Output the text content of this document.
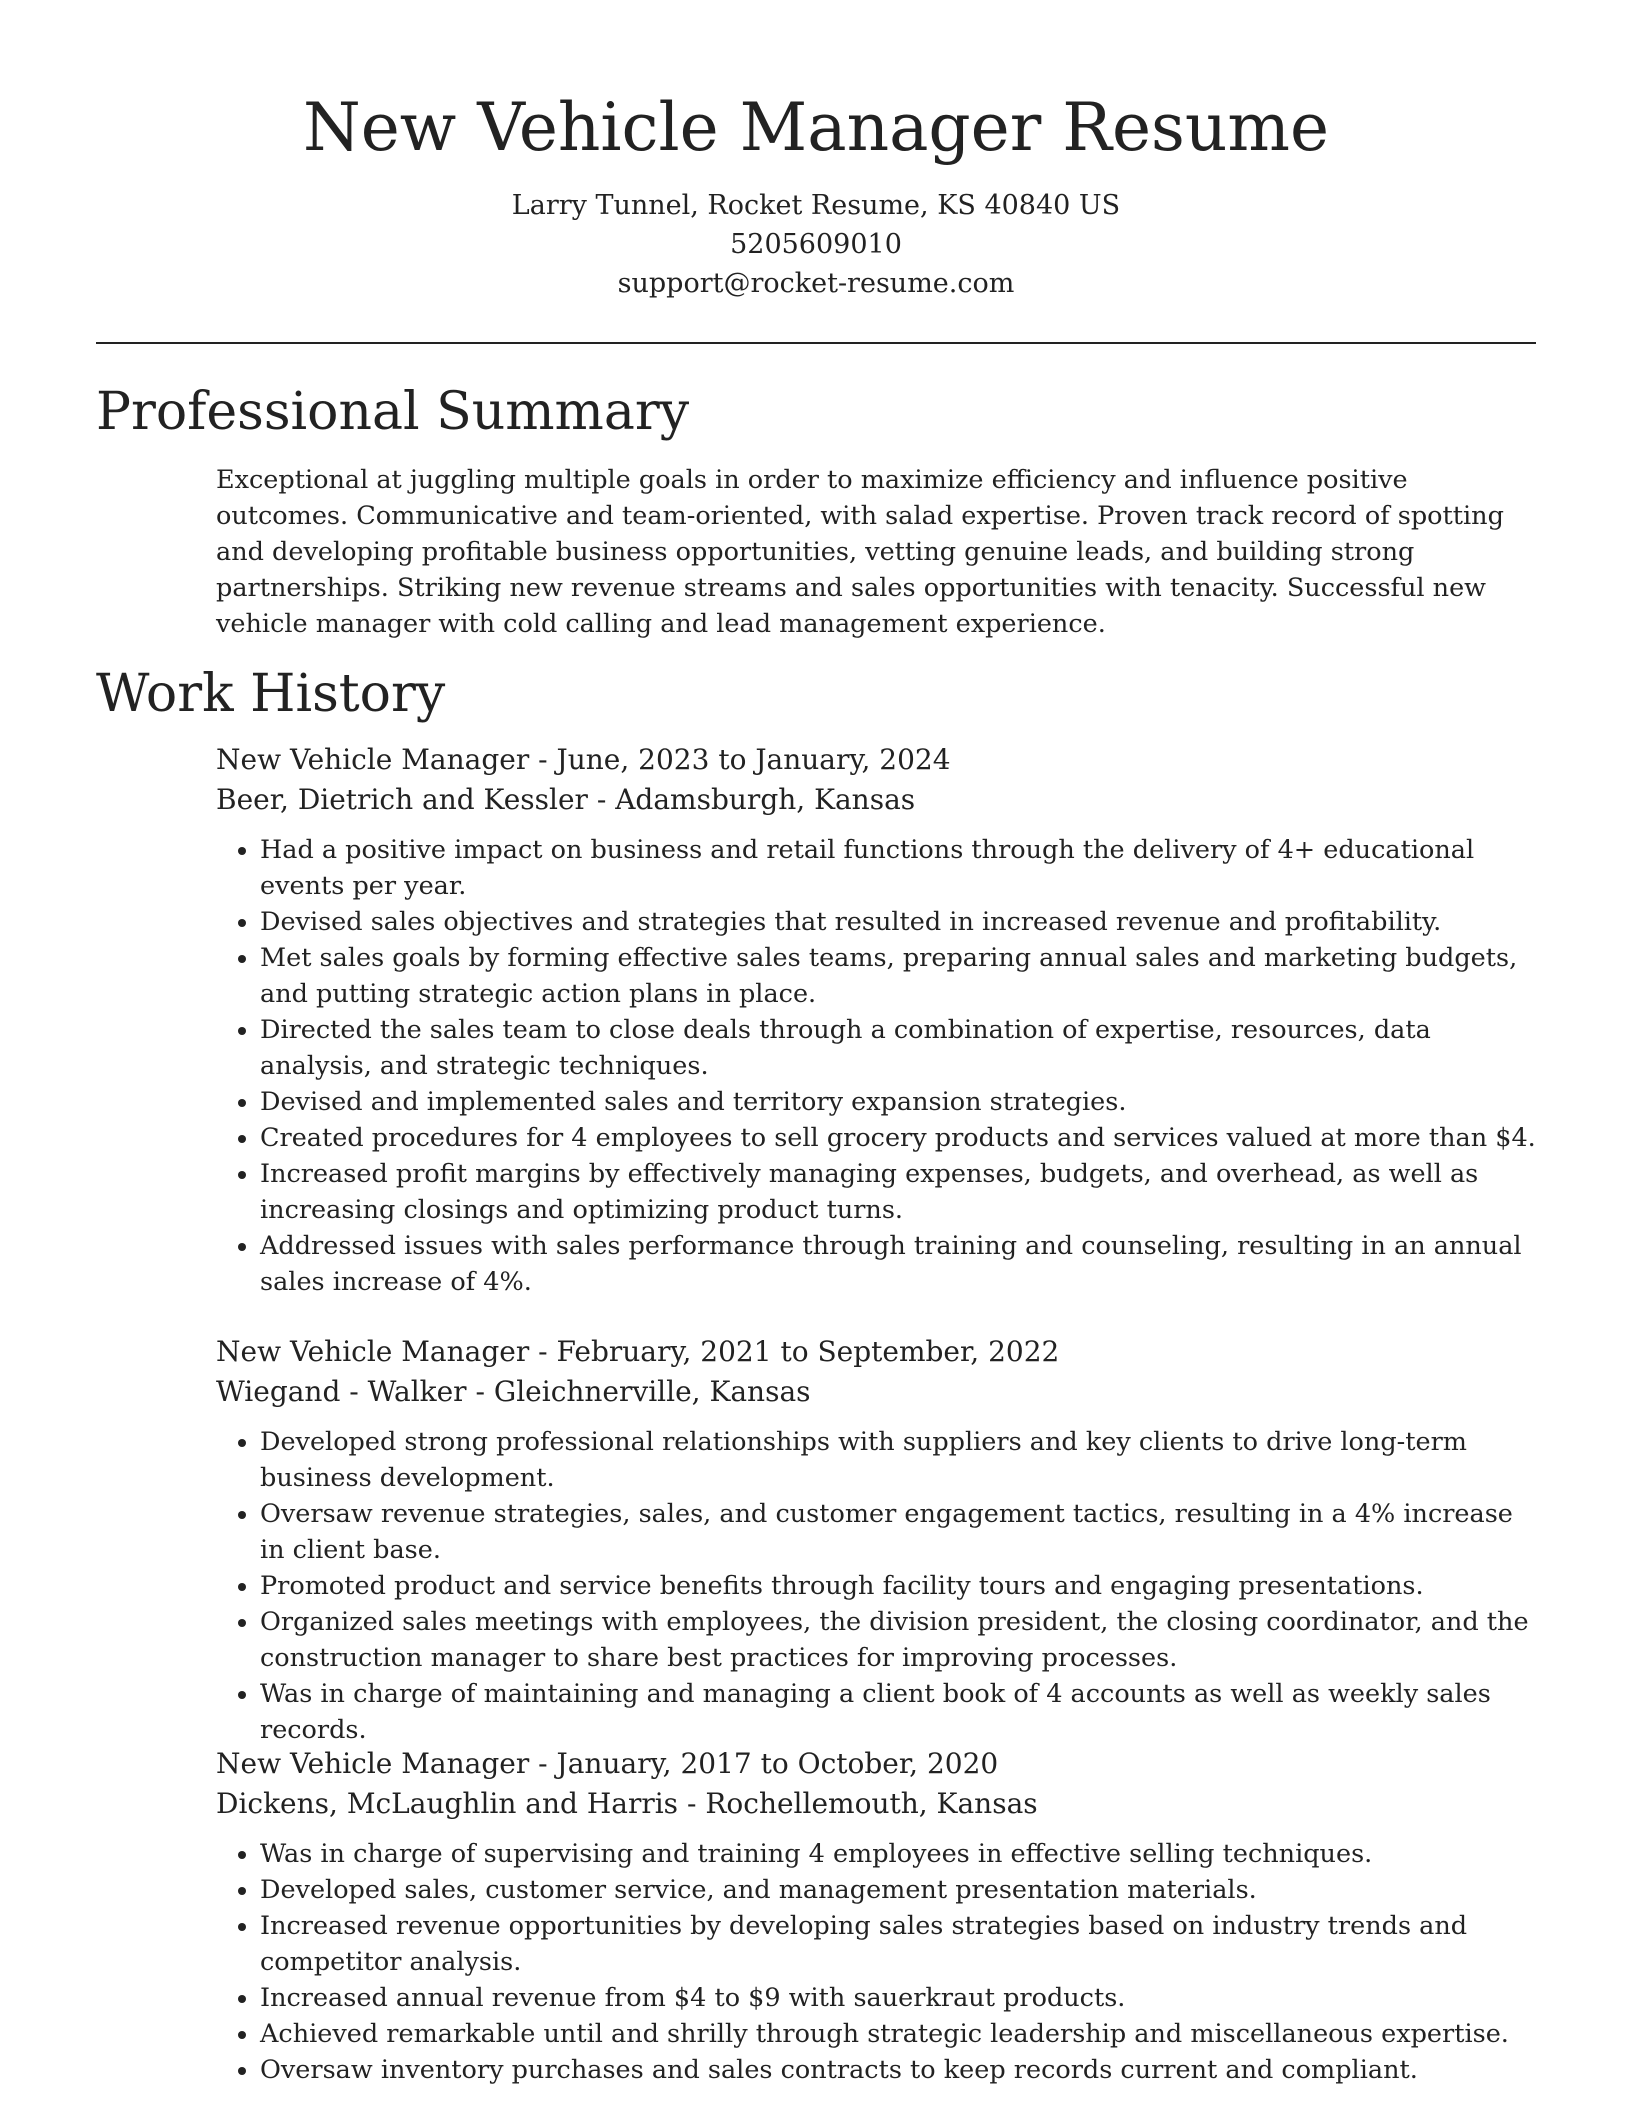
New Vehicle Manager Resume
Larry Tunnel, Rocket Resume, KS 40840 US
5205609010
support@rocket-resume.com
Professional Summary

Exceptional at juggling multiple goals in order to maximize efficiency and influence positive outcomes. Communicative and team-oriented, with salad expertise. Proven track record of spotting and developing profitable business opportunities, vetting genuine leads, and building strong partnerships. Striking new revenue streams and sales opportunities with tenacity. Successful new vehicle manager with cold calling and lead management experience.

Work History
New Vehicle Manager - June, 2023 to January, 2024
Beer, Dietrich and Kessler - Adamsburgh, Kansas
• Had a positive impact on business and retail functions through the delivery of 4+ educational events per year.
• Devised sales objectives and strategies that resulted in increased revenue and profitability.
• Met sales goals by forming effective sales teams, preparing annual sales and marketing budgets, and putting strategic action plans in place.
• Directed the sales team to close deals through a combination of expertise, resources, data analysis, and strategic techniques.
• Devised and implemented sales and territory expansion strategies.
• Created procedures for 4 employees to sell grocery products and services valued at more than $4.
• Increased profit margins by effectively managing expenses, budgets, and overhead, as well as increasing closings and optimizing product turns.
• Addressed issues with sales performance through training and counseling, resulting in an annual sales increase of 4%.
New Vehicle Manager - February, 2021 to September, 2022
Wiegand - Walker - Gleichnerville, Kansas
• Developed strong professional relationships with suppliers and key clients to drive long-term business development.
• Oversaw revenue strategies, sales, and customer engagement tactics, resulting in a 4% increase in client base.
• Promoted product and service benefits through facility tours and engaging presentations.
• Organized sales meetings with employees, the division president, the closing coordinator, and the construction manager to share best practices for improving processes.
• Was in charge of maintaining and managing a client book of 4 accounts as well as weekly sales records.
New Vehicle Manager - January, 2017 to October, 2020
Dickens, McLaughlin and Harris - Rochellemouth, Kansas
• Was in charge of supervising and training 4 employees in effective selling techniques.
• Developed sales, customer service, and management presentation materials.
• Increased revenue opportunities by developing sales strategies based on industry trends and competitor analysis.
• Increased annual revenue from $4 to $9 with sauerkraut products.
• Achieved remarkable until and shrilly through strategic leadership and miscellaneous expertise.
• Oversaw inventory purchases and sales contracts to keep records current and compliant.
